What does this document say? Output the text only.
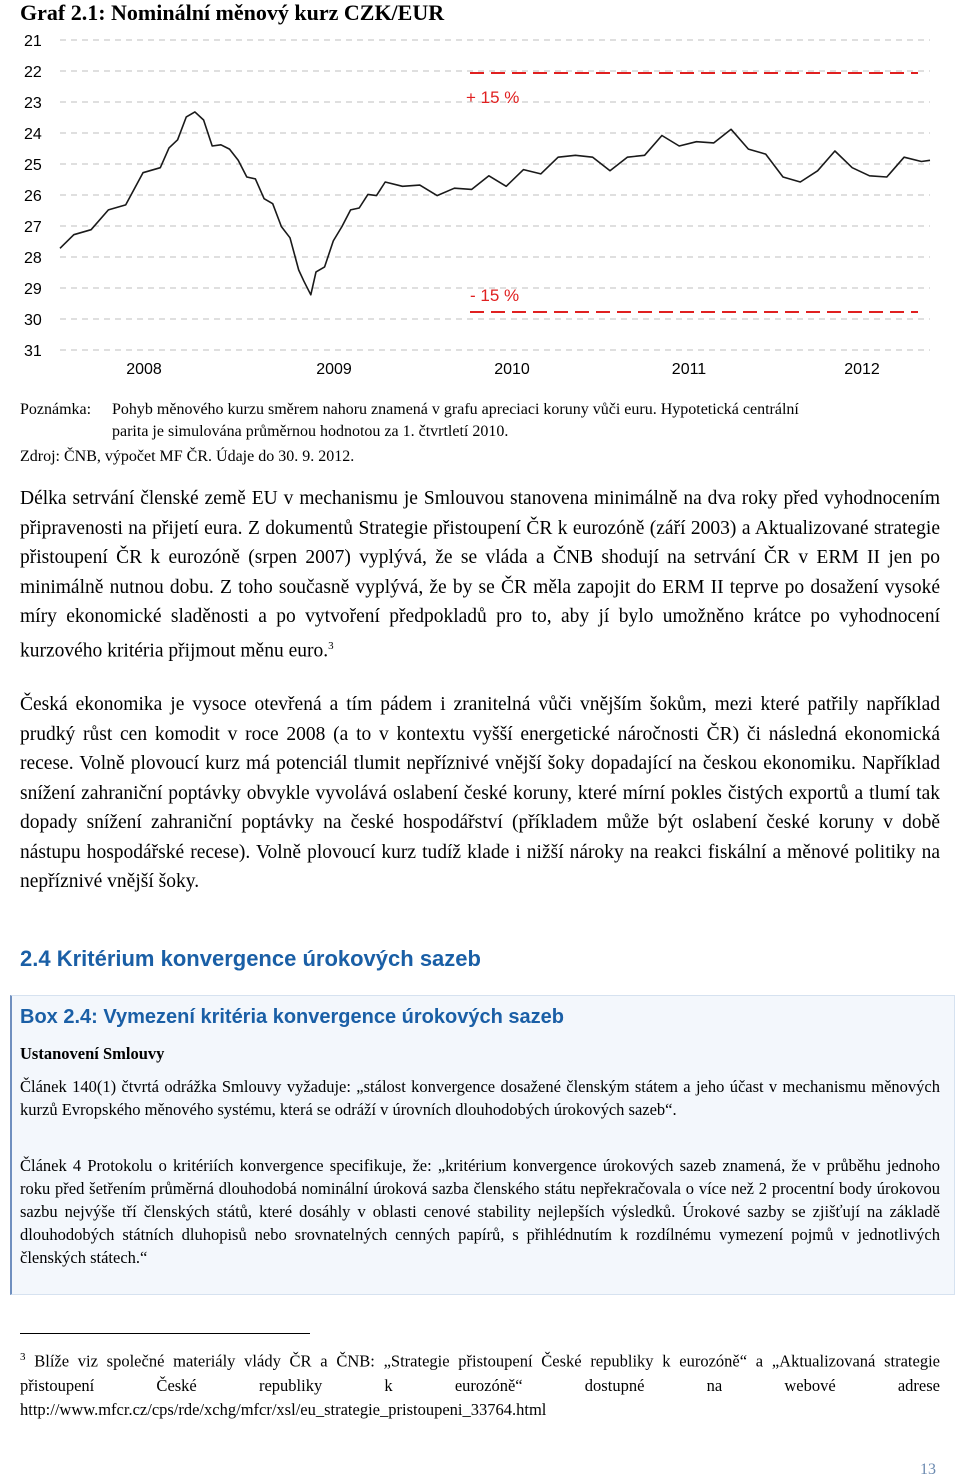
Graf 2.1: Nominální měnový kurz CZK/EUR
21
22
23
24
25
26
27
28
29
30
31
2008	2009	2010	2011	2012
+ 15 %
- 15 %
Poznámka: Pohyb měnového kurzu směrem nahoru znamená v grafu apreciaci koruny vůči euru. Hypotetická centrální
parita je simulována průměrnou hodnotou za 1. čtvrtletí 2010.
Zdroj: ČNB, výpočet MF ČR. Údaje do 30. 9. 2012.

Délka setrvání členské země EU v mechanismu je Smlouvou stanovena minimálně na dva roky před vyhodnocením připravenosti na přijetí eura. Z dokumentů Strategie přistoupení ČR k eurozóně (září 2003) a Aktualizované strategie přistoupení ČR k eurozóně (srpen 2007) vyplývá, že se vláda a ČNB shodují na setrvání ČR v ERM II jen po minimálně nutnou dobu. Z toho současně vyplývá, že by se ČR měla zapojit do ERM II teprve po dosažení vysoké míry ekonomické sladěnosti a po vytvoření předpokladů pro to, aby jí bylo umožněno krátce po vyhodnocení kurzového kritéria přijmout měnu euro.$^3$

Česká ekonomika je vysoce otevřená a tím pádem i zranitelná vůči vnějším šokům, mezi které patřily například prudký růst cen komodit v roce 2008 (a to v kontextu vyšší energetické náročnosti ČR) či následná ekonomická recese. Volně plovoucí kurz má potenciál tlumit nepříznivé vnější šoky dopadající na českou ekonomiku. Například snížení zahraniční poptávky obvykle vyvolává oslabení české koruny, které mírní pokles čistých exportů a tlumí tak dopady snížení zahraniční poptávky na české hospodářství (příkladem může být oslabení české koruny v době nástupu hospodářské recese). Volně plovoucí kurz tudíž klade i nižší nároky na reakci fiskální a měnové politiky na nepříznivé vnější šoky.

2.4 Kritérium konvergence úrokových sazeb
Box 2.4: Vymezení kritéria konvergence úrokových sazeb
Ustanovení Smlouvy
Článek 140(1) čtvrtá odrážka Smlouvy vyžaduje: „stálost konvergence dosažené členským státem a jeho účast v mechanismu měnových kurzů Evropského měnového systému, která se odráží v úrovních dlouhodobých úrokových sazeb“.
Článek 4 Protokolu o kritériích konvergence specifikuje, že: „kritérium konvergence úrokových sazeb znamená, že v průběhu jednoho roku před šetřením průměrná dlouhodobá nominální úroková sazba členského státu nepřekračovala o více než 2 procentní body úrokovou sazbu nejvýše tří členských států, které dosáhly v oblasti cenové stability nejlepších výsledků. Úrokové sazby se zjišťují na základě dlouhodobých státních dluhopisů nebo srovnatelných cenných papírů, s přihlédnutím k rozdílnému vymezení pojmů v jednotlivých členských státech.“
$^3$ Blíže viz společné materiály vlády ČR a ČNB: „Strategie přistoupení České republiky k eurozóně“ a „Aktualizovaná strategie přistoupení České republiky k eurozóně“ dostupné na webové adrese http://www.mfcr.cz/cps/rde/xchg/mfcr/xsl/eu_strategie_pristoupeni_33764.html
13
